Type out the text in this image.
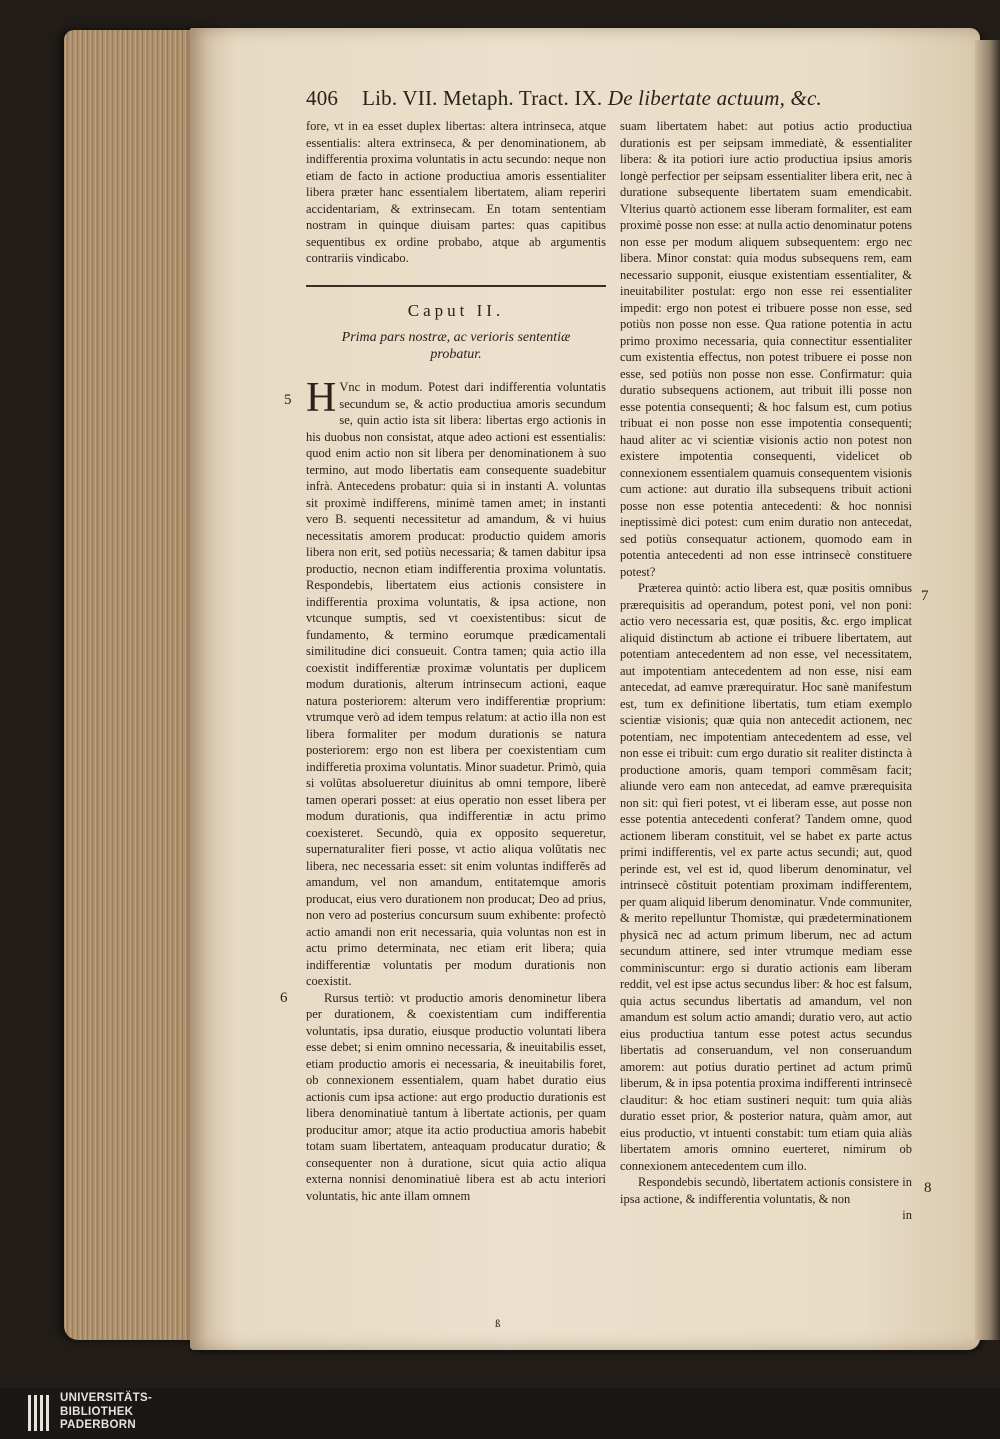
406 Lib. VII. Metaph. Tract. IX. De libertate actuum, &c.

fore, vt in ea esset duplex libertas: altera intrinseca, atque essentialis: altera extrinseca, & per denominationem, ab indifferentia proxima voluntatis in actu secundo: neque non etiam de facto in actione productiua amoris essentialiter libera præter hanc essentialem libertatem, aliam reperiri accidentariam, & extrinsecam. En totam sententiam nostram in quinque diuisam partes: quas capitibus sequentibus ex ordine probabo, atque ab argumentis contrariis vindicabo.

Caput II.
Prima pars nostræ, ac verioris sententiæ probatur.

H Vnc in modum. Potest dari indifferentia voluntatis secundum se, & actio productiua amoris secundum se, quin actio ista sit libera: libertas ergo actionis in his duobus non consistat, atque adeo actioni est essentialis: quod enim actio non sit libera per denominationem à suo termino, aut modo libertatis eam consequente suadebitur infrà. Antecedens probatur: quia si in instanti A. voluntas sit proximè indifferens, minimè tamen amet; in instanti vero B. sequenti necessitetur ad amandum, & vi huius necessitatis amorem producat: productio quidem amoris libera non erit, sed potiùs necessaria; & tamen dabitur ipsa productio, necnon etiam indifferentia proxima voluntatis. Respondebis, libertatem eius actionis consistere in indifferentia proxima voluntatis, & ipsa actione, non vtcunque sumptis, sed vt coexistentibus: sicut de fundamento, & termino eorumque prædicamentali similitudine dici consueuit. Contra tamen; quia actio illa coexistit indifferentiæ proximæ voluntatis per duplicem modum durationis, alterum intrinsecum actioni, eaque natura posteriorem: alterum vero indifferentiæ proprium: vtrumque verò ad idem tempus relatum: at actio illa non est libera formaliter per modum durationis se natura posteriorem: ergo non est libera per coexistentiam cum indifferetia proxima voluntatis. Minor suadetur. Primò, quia si volũtas absolueretur diuinitus ab omni tempore, liberè tamen operari posset: at eius operatio non esset libera per modum durationis, qua indifferentiæ in actu primo coexisteret. Secundò, quia ex opposito sequeretur, supernaturaliter fieri posse, vt actio aliqua volũtatis nec libera, nec necessaria esset: sit enim voluntas indifferẽs ad amandum, vel non amandum, entitatemque amoris producat, eius vero durationem non producat; Deo ad prius, non vero ad posterius concursum suum exhibente: profectò actio amandi non erit necessaria, quia voluntas non est in actu primo determinata, nec etiam erit libera; quia indifferentiæ voluntatis per modum durationis non coexistit.

Rursus tertiò: vt productio amoris denominetur libera per durationem, & coexistentiam cum indifferentia voluntatis, ipsa duratio, eiusque productio voluntati libera esse debet; si enim omnino necessaria, & ineuitabilis esset, etiam productio amoris ei necessaria, & ineuitabilis foret, ob connexionem essentialem, quam habet duratio eius actionis cum ipsa actione: aut ergo productio durationis est libera denominatiuè tantum à libertate actionis, per quam producitur amor; atque ita actio productiua amoris habebit totam suam libertatem, anteaquam producatur duratio; & consequenter non à duratione, sicut quia actio aliqua externa nonnisi denominatiuè libera est ab actu interiori voluntatis, hic ante illam omnem

suam libertatem habet: aut potius actio productiua durationis est per seipsam immediatè, & essentialiter libera: & ita potiori iure actio productiua ipsius amoris longè perfectior per seipsam essentialiter libera erit, nec à duratione subsequente libertatem suam emendicabit. Vlterius quartò actionem esse liberam formaliter, est eam proximè posse non esse: at nulla actio denominatur potens non esse per modum aliquem subsequentem: ergo nec libera. Minor constat: quia modus subsequens rem, eam necessario supponit, eiusque existentiam essentialiter, & ineuitabiliter postulat: ergo non esse rei essentialiter impedit: ergo non potest ei tribuere posse non esse, sed potiùs non posse non esse. Qua ratione potentia in actu primo proximo necessaria, quia connectitur essentialiter cum existentia effectus, non potest tribuere ei posse non esse, sed potiùs non posse non esse. Confirmatur: quia duratio subsequens actionem, aut tribuit illi posse non esse potentia consequenti; & hoc falsum est, cum potius tribuat ei non posse non esse impotentia consequenti; haud aliter ac vi scientiæ visionis actio non potest non existere impotentia consequenti, videlicet ob connexionem essentialem quamuis consequentem visionis cum actione: aut duratio illa subsequens tribuit actioni posse non esse potentia antecedenti: & hoc nonnisi ineptissimè dici potest: cum enim duratio non antecedat, sed potiùs consequatur actionem, quomodo eam in potentia antecedenti ad non esse intrinsecè constituere potest?

Præterea quintò: actio libera est, quæ positis omnibus prærequisitis ad operandum, potest poni, vel non poni: actio vero necessaria est, quæ positis, &c. ergo implicat aliquid distinctum ab actione ei tribuere libertatem, aut potentiam antecedentem ad non esse, vel necessitatem, aut impotentiam antecedentem ad non esse, nisi eam antecedat, ad eamve prærequiratur. Hoc sanè manifestum est, tum ex definitione libertatis, tum etiam exemplo scientiæ visionis; quæ quia non antecedit actionem, nec potentiam, nec impotentiam antecedentem ad esse, vel non esse ei tribuit: cum ergo duratio sit realiter distincta à productione amoris, quam tempori commẽsam facit; aliunde vero eam non antecedat, ad eamve prærequisita non sit: quì fieri potest, vt ei liberam esse, aut posse non esse potentia antecedenti conferat? Tandem omne, quod actionem liberam constituit, vel se habet ex parte actus primi indifferentis, vel ex parte actus secundi; aut, quod perinde est, vel est id, quod liberum denominatur, vel intrinsecè cõstituit potentiam proximam indifferentem, per quam aliquid liberum denominatur. Vnde communiter, & merito repelluntur Thomistæ, qui prædeterminationem physicã nec ad actum primum liberum, nec ad actum secundum attinere, sed inter vtrumque mediam esse comminiscuntur: ergo si duratio actionis eam liberam reddit, vel est ipse actus secundus liber: & hoc est falsum, quia actus secundus libertatis ad amandum, vel non amandum est solum actio amandi; duratio vero, aut actio eius productiua tantum esse potest actus secundus libertatis ad conseruandum, vel non conseruandum amorem: aut potius duratio pertinet ad actum primũ liberum, & in ipsa potentia proxima indifferenti intrinsecè clauditur: & hoc etiam sustineri nequit: tum quia aliàs duratio esset prior, & posterior natura, quàm amor, aut eius productio, vt intuenti constabit: tum etiam quia aliàs libertatem amoris omnino euerteret, nimirum ob connexionem antecedentem cum illo.

Respondebis secundò, libertatem actionis consistere in ipsa actione, & indifferentia voluntatis, & non

in

5
6
7
8
ß
UNIVERSITÄTS-
BIBLIOTHEK
PADERBORN
